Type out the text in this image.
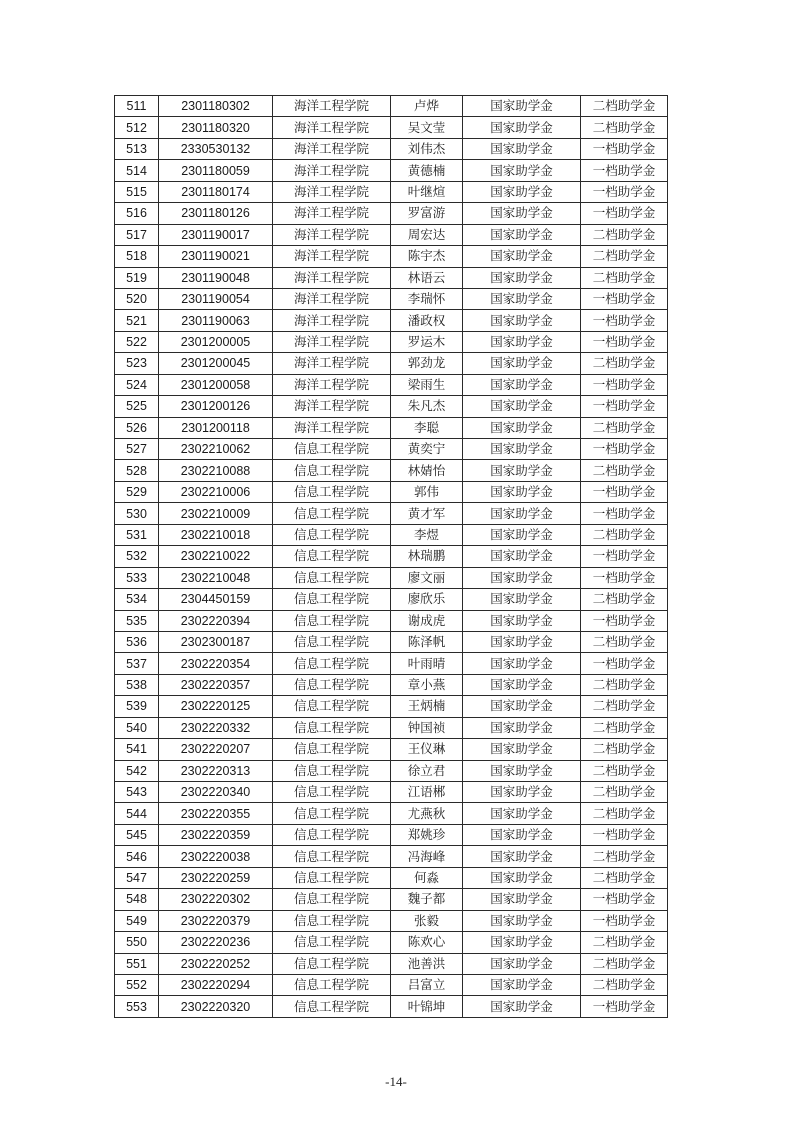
511	2301180302	海洋工程学院	卢烨	国家助学金	二档助学金
512	2301180320	海洋工程学院	吴文莹	国家助学金	二档助学金
513	2330530132	海洋工程学院	刘伟杰	国家助学金	一档助学金
514	2301180059	海洋工程学院	黄德楠	国家助学金	一档助学金
515	2301180174	海洋工程学院	叶继煊	国家助学金	一档助学金
516	2301180126	海洋工程学院	罗富游	国家助学金	一档助学金
517	2301190017	海洋工程学院	周宏达	国家助学金	二档助学金
518	2301190021	海洋工程学院	陈宇杰	国家助学金	二档助学金
519	2301190048	海洋工程学院	林语云	国家助学金	二档助学金
520	2301190054	海洋工程学院	李瑞怀	国家助学金	一档助学金
521	2301190063	海洋工程学院	潘政权	国家助学金	一档助学金
522	2301200005	海洋工程学院	罗运木	国家助学金	一档助学金
523	2301200045	海洋工程学院	郭劲龙	国家助学金	二档助学金
524	2301200058	海洋工程学院	梁雨生	国家助学金	一档助学金
525	2301200126	海洋工程学院	朱凡杰	国家助学金	一档助学金
526	2301200118	海洋工程学院	李聪	国家助学金	二档助学金
527	2302210062	信息工程学院	黄奕宁	国家助学金	一档助学金
528	2302210088	信息工程学院	林婧怡	国家助学金	二档助学金
529	2302210006	信息工程学院	郭伟	国家助学金	一档助学金
530	2302210009	信息工程学院	黄才军	国家助学金	一档助学金
531	2302210018	信息工程学院	李煜	国家助学金	二档助学金
532	2302210022	信息工程学院	林瑞鹏	国家助学金	一档助学金
533	2302210048	信息工程学院	廖文丽	国家助学金	一档助学金
534	2304450159	信息工程学院	廖欣乐	国家助学金	二档助学金
535	2302220394	信息工程学院	谢成虎	国家助学金	一档助学金
536	2302300187	信息工程学院	陈泽帆	国家助学金	二档助学金
537	2302220354	信息工程学院	叶雨晴	国家助学金	一档助学金
538	2302220357	信息工程学院	章小燕	国家助学金	二档助学金
539	2302220125	信息工程学院	王炳楠	国家助学金	二档助学金
540	2302220332	信息工程学院	钟国祯	国家助学金	二档助学金
541	2302220207	信息工程学院	王仪琳	国家助学金	二档助学金
542	2302220313	信息工程学院	徐立君	国家助学金	二档助学金
543	2302220340	信息工程学院	江语郴	国家助学金	二档助学金
544	2302220355	信息工程学院	尤燕秋	国家助学金	二档助学金
545	2302220359	信息工程学院	郑姚珍	国家助学金	一档助学金
546	2302220038	信息工程学院	冯海峰	国家助学金	二档助学金
547	2302220259	信息工程学院	何淼	国家助学金	二档助学金
548	2302220302	信息工程学院	魏子都	国家助学金	一档助学金
549	2302220379	信息工程学院	张毅	国家助学金	一档助学金
550	2302220236	信息工程学院	陈欢心	国家助学金	二档助学金
551	2302220252	信息工程学院	池善洪	国家助学金	二档助学金
552	2302220294	信息工程学院	吕富立	国家助学金	二档助学金
553	2302220320	信息工程学院	叶锦坤	国家助学金	一档助学金
-14-
